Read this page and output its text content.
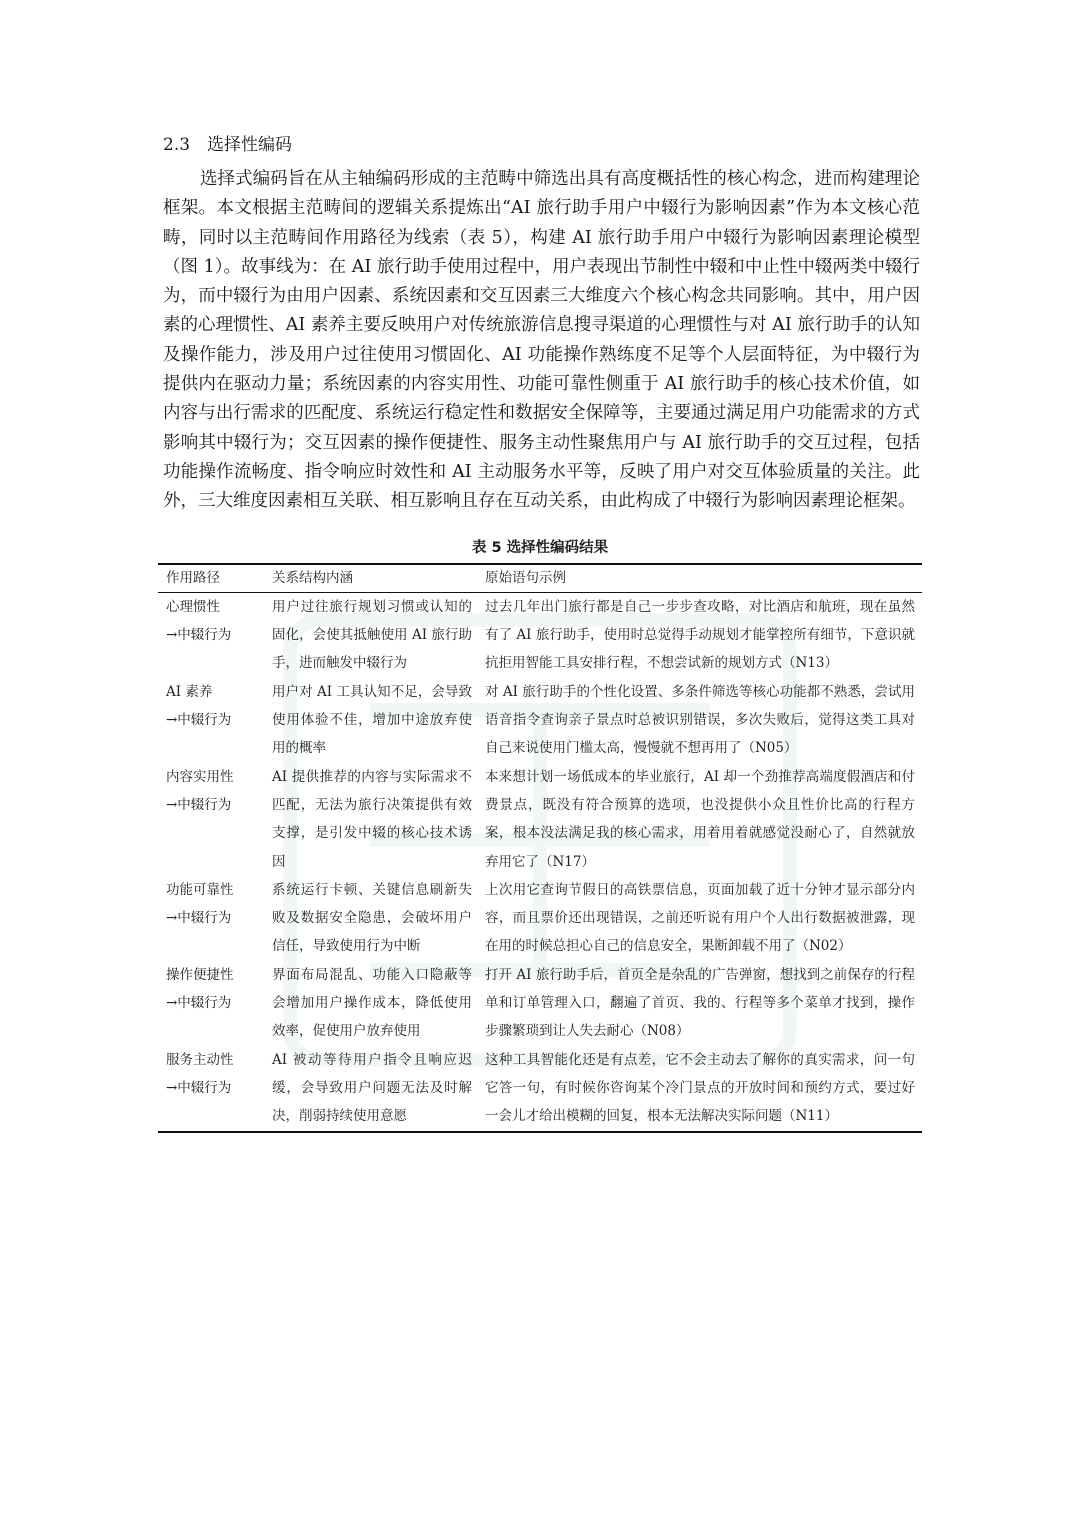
2.3 选择性编码

选择式编码旨在从主轴编码形成的主范畴中筛选出具有高度概括性的核心构念，进而构建理论框架。本文根据主范畴间的逻辑关系提炼出“AI 旅行助手用户中辍行为影响因素”作为本文核心范畴，同时以主范畴间作用路径为线索（表 5），构建 AI 旅行助手用户中辍行为影响因素理论模型（图 1）。故事线为：在 AI 旅行助手使用过程中，用户表现出节制性中辍和中止性中辍两类中辍行为，而中辍行为由用户因素、系统因素和交互因素三大维度六个核心构念共同影响。其中，用户因素的心理惯性、AI 素养主要反映用户对传统旅游信息搜寻渠道的心理惯性与对 AI 旅行助手的认知及操作能力，涉及用户过往使用习惯固化、AI 功能操作熟练度不足等个人层面特征，为中辍行为提供内在驱动力量；系统因素的内容实用性、功能可靠性侧重于 AI 旅行助手的核心技术价值，如内容与出行需求的匹配度、系统运行稳定性和数据安全保障等，主要通过满足用户功能需求的方式影响其中辍行为；交互因素的操作便捷性、服务主动性聚焦用户与 AI 旅行助手的交互过程，包括功能操作流畅度、指令响应时效性和 AI 主动服务水平等，反映了用户对交互体验质量的关注。此外，三大维度因素相互关联、相互影响且存在互动关系，由此构成了中辍行为影响因素理论框架。

表 5 选择性编码结果
作用路径	关系结构内涵	原始语句示例
心理惯性
→中辍行为
用户过往旅行规划习惯或认知的固化，会使其抵触使用 AI 旅行助手，进而触发中辍行为
过去几年出门旅行都是自己一步步查攻略，对比酒店和航班，现在虽然有了 AI 旅行助手，使用时总觉得手动规划才能掌控所有细节，下意识就抗拒用智能工具安排行程，不想尝试新的规划方式（N13）
AI 素养
→中辍行为
用户对 AI 工具认知不足，会导致使用体验不佳，增加中途放弃使用的概率
对 AI 旅行助手的个性化设置、多条件筛选等核心功能都不熟悉，尝试用语音指令查询亲子景点时总被识别错误，多次失败后，觉得这类工具对自己来说使用门槛太高，慢慢就不想再用了（N05）
内容实用性
→中辍行为
AI 提供推荐的内容与实际需求不匹配，无法为旅行决策提供有效支撑，是引发中辍的核心技术诱因
本来想计划一场低成本的毕业旅行，AI 却一个劲推荐高端度假酒店和付费景点，既没有符合预算的选项，也没提供小众且性价比高的行程方案，根本没法满足我的核心需求，用着用着就感觉没耐心了，自然就放弃用它了（N17）
功能可靠性
→中辍行为
系统运行卡顿、关键信息刷新失败及数据安全隐患，会破坏用户信任，导致使用行为中断
上次用它查询节假日的高铁票信息，页面加载了近十分钟才显示部分内容，而且票价还出现错误，之前还听说有用户个人出行数据被泄露，现在用的时候总担心自己的信息安全，果断卸载不用了（N02）
操作便捷性
→中辍行为
界面布局混乱、功能入口隐蔽等会增加用户操作成本，降低使用效率，促使用户放弃使用
打开 AI 旅行助手后，首页全是杂乱的广告弹窗，想找到之前保存的行程单和订单管理入口，翻遍了首页、我的、行程等多个菜单才找到，操作步骤繁琐到让人失去耐心（N08）
服务主动性
→中辍行为
AI 被动等待用户指令且响应迟缓，会导致用户问题无法及时解决，削弱持续使用意愿
这种工具智能化还是有点差，它不会主动去了解你的真实需求，问一句它答一句，有时候你咨询某个冷门景点的开放时间和预约方式，要过好一会儿才给出模糊的回复，根本无法解决实际问题（N11）
